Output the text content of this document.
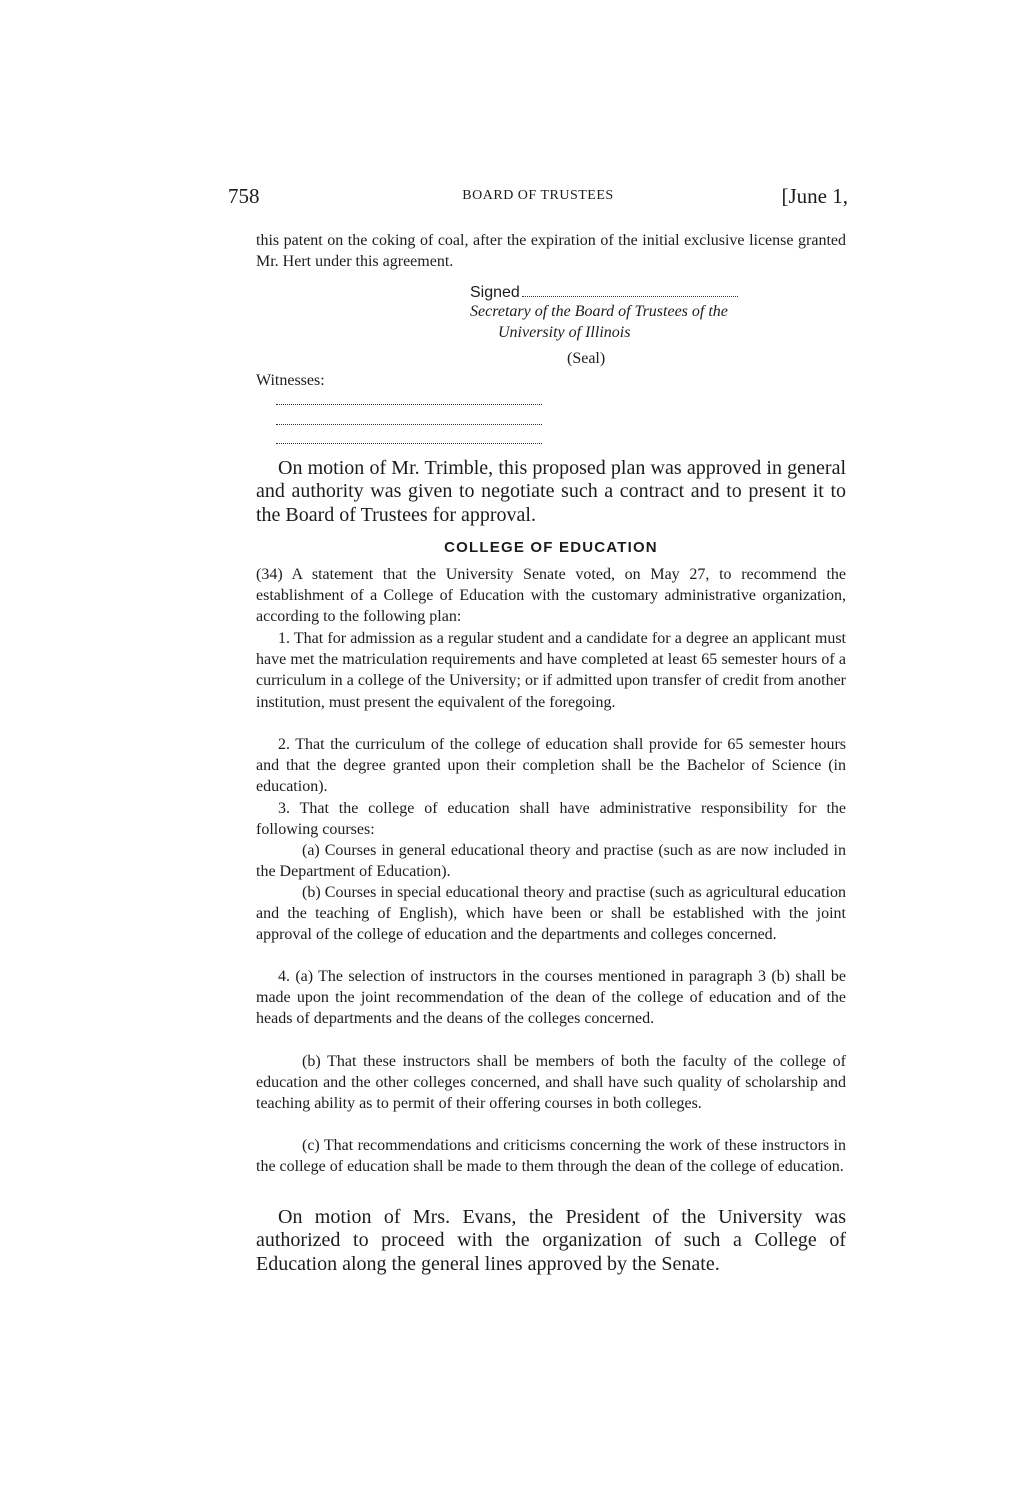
758	BOARD OF TRUSTEES	[June 1,

this patent on the coking of coal, after the expiration of the initial exclusive license granted Mr. Hert under this agreement.

Signed
Secretary of the Board of Trustees of the
University of Illinois
(Seal)
Witnesses:

On motion of Mr. Trimble, this proposed plan was approved in general and authority was given to negotiate such a contract and to present it to the Board of Trustees for approval.

COLLEGE OF EDUCATION

(34) A statement that the University Senate voted, on May 27, to recommend the establishment of a College of Education with the customary administrative organization, according to the following plan:

1. That for admission as a regular student and a candidate for a degree an applicant must have met the matriculation requirements and have completed at least 65 semester hours of a curriculum in a college of the University; or if admitted upon transfer of credit from another institution, must present the equivalent of the foregoing.

2. That the curriculum of the college of education shall provide for 65 semester hours and that the degree granted upon their completion shall be the Bachelor of Science (in education).

3. That the college of education shall have administrative responsibility for the following courses:

(a) Courses in general educational theory and practise (such as are now included in the Department of Education).

(b) Courses in special educational theory and practise (such as agricultural education and the teaching of English), which have been or shall be established with the joint approval of the college of education and the departments and colleges concerned.

4. (a) The selection of instructors in the courses mentioned in paragraph 3 (b) shall be made upon the joint recommendation of the dean of the college of education and of the heads of departments and the deans of the colleges concerned.

(b) That these instructors shall be members of both the faculty of the college of education and the other colleges concerned, and shall have such quality of scholarship and teaching ability as to permit of their offering courses in both colleges.

(c) That recommendations and criticisms concerning the work of these instructors in the college of education shall be made to them through the dean of the college of education.

On motion of Mrs. Evans, the President of the University was authorized to proceed with the organization of such a College of Education along the general lines approved by the Senate.
